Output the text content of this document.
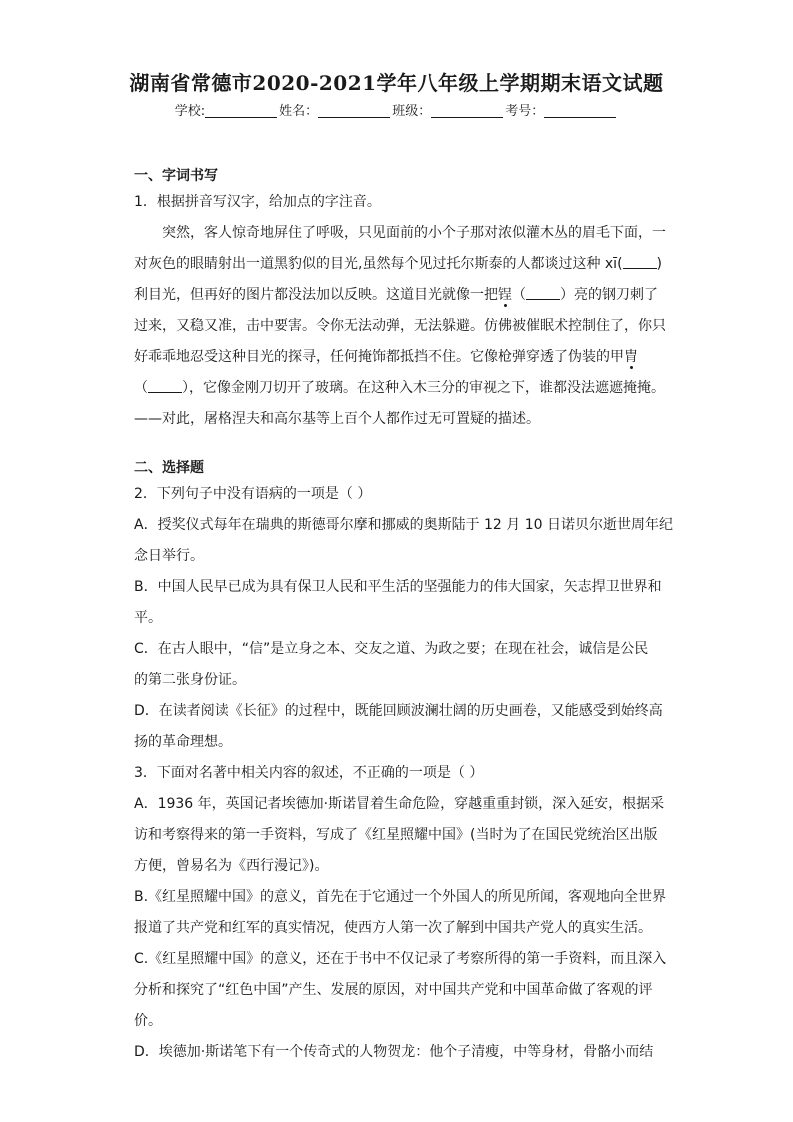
湖南省常德市2020-2021学年八年级上学期期末语文试题
学校:	姓名：	班级：	考号：
一、字词书写
1．根据拼音写汉字，给加点的字注音。
突然，客人惊奇地屏住了呼吸，只见面前的小个子那对浓似灌木丛的眉毛下面，一
对灰色的眼睛射出一道黑豹似的目光,虽然每个见过托尔斯泰的人都谈过这种 xī( )
利目光，但再好的图片都没法加以反映。这道目光就像一把锃（ ）亮的钢刀刺了
过来，又稳又准，击中要害。令你无法动弹，无法躲避。仿佛被催眠术控制住了，你只
好乖乖地忍受这种目光的探寻，任何掩饰都抵挡不住。它像枪弹穿透了伪装的甲胄
（ ），它像金刚刀切开了玻璃。在这种入木三分的审视之下，谁都没法遮遮掩掩。
——对此，屠格涅夫和高尔基等上百个人都作过无可置疑的描述。
二、选择题
2．下列句子中没有语病的一项是（ ）
A．授奖仪式每年在瑞典的斯德哥尔摩和挪威的奥斯陆于 12 月 10 日诺贝尔逝世周年纪
念日举行。
B．中国人民早已成为具有保卫人民和平生活的坚强能力的伟大国家，矢志捍卫世界和
平。
C．在古人眼中，“信”是立身之本、交友之道、为政之要；在现在社会，诚信是公民
的第二张身份证。
D．在读者阅读《长征》的过程中，既能回顾波澜壮阔的历史画卷，又能感受到始终高
扬的革命理想。
3．下面对名著中相关内容的叙述，不正确的一项是（ ）
A．1936 年，英国记者埃德加·斯诺冒着生命危险，穿越重重封锁，深入延安，根据采
访和考察得来的第一手资料，写成了《红星照耀中国》(当时为了在国民党统治区出版
方便，曾易名为《西行漫记》)。
B.《红星照耀中国》的意义，首先在于它通过一个外国人的所见所闻，客观地向全世界
报道了共产党和红军的真实情况，使西方人第一次了解到中国共产党人的真实生活。
C.《红星照耀中国》的意义，还在于书中不仅记录了考察所得的第一手资料，而且深入
分析和探究了“红色中国”产生、发展的原因，对中国共产党和中国革命做了客观的评
价。
D．埃德加·斯诺笔下有一个传奇式的人物贺龙：他个子清瘦，中等身材，骨骼小而结
